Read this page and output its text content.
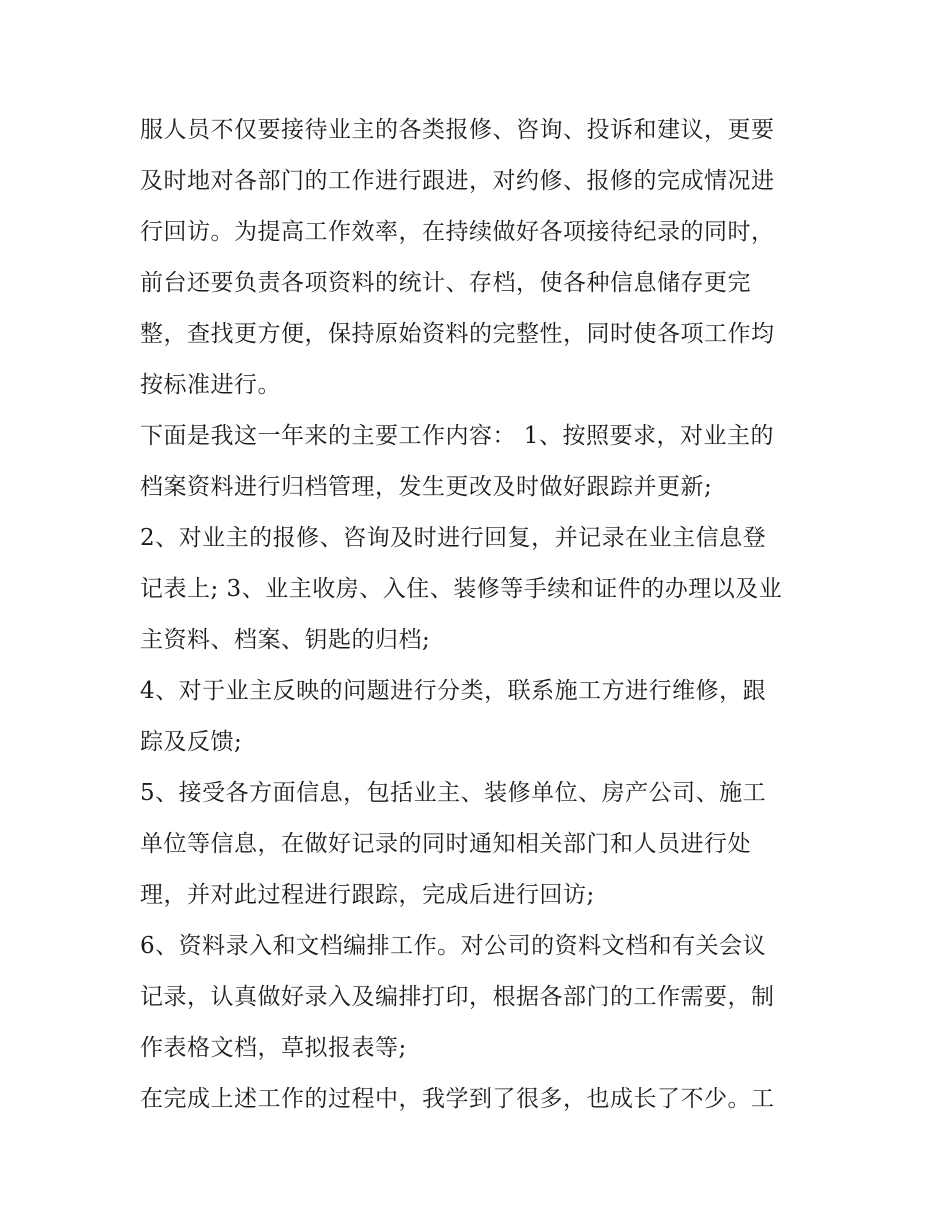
服人员不仅要接待业主的各类报修、咨询、投诉和建议，更要
及时地对各部门的工作进行跟进，对约修、报修的完成情况进
行回访。为提高工作效率，在持续做好各项接待纪录的同时，
前台还要负责各项资料的统计、存档，使各种信息储存更完
整，查找更方便，保持原始资料的完整性，同时使各项工作均
按标准进行。
下面是我这一年来的主要工作内容： 1、按照要求，对业主的
档案资料进行归档管理，发生更改及时做好跟踪并更新;
2、对业主的报修、咨询及时进行回复，并记录在业主信息登
记表上; 3、业主收房、入住、装修等手续和证件的办理以及业
主资料、档案、钥匙的归档;
4、对于业主反映的问题进行分类，联系施工方进行维修，跟
踪及反馈;
5、接受各方面信息，包括业主、装修单位、房产公司、施工
单位等信息，在做好记录的同时通知相关部门和人员进行处
理，并对此过程进行跟踪，完成后进行回访;
6、资料录入和文档编排工作。对公司的资料文档和有关会议
记录，认真做好录入及编排打印，根据各部门的工作需要，制
作表格文档，草拟报表等;
在完成上述工作的过程中，我学到了很多，也成长了不少。工
